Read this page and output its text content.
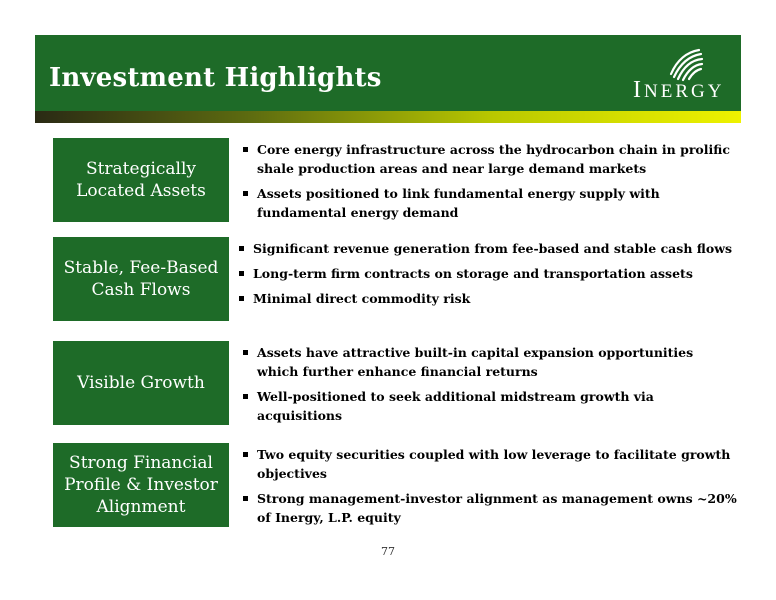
Investment Highlights	INERGY
Strategically
Located Assets
Core energy infrastructure across the hydrocarbon chain in prolific shale production areas and near large demand markets
Assets positioned to link fundamental energy supply with fundamental energy demand
Stable, Fee-Based
Cash Flows
Significant revenue generation from fee-based and stable cash flows
Long-term firm contracts on storage and transportation assets
Minimal direct commodity risk
Visible Growth
Assets have attractive built-in capital expansion opportunities which further enhance financial returns
Well-positioned to seek additional midstream growth via acquisitions
Strong Financial
Profile & Investor
Alignment
Two equity securities coupled with low leverage to facilitate growth objectives
Strong management-investor alignment as management owns ~20% of Inergy, L.P. equity
77
